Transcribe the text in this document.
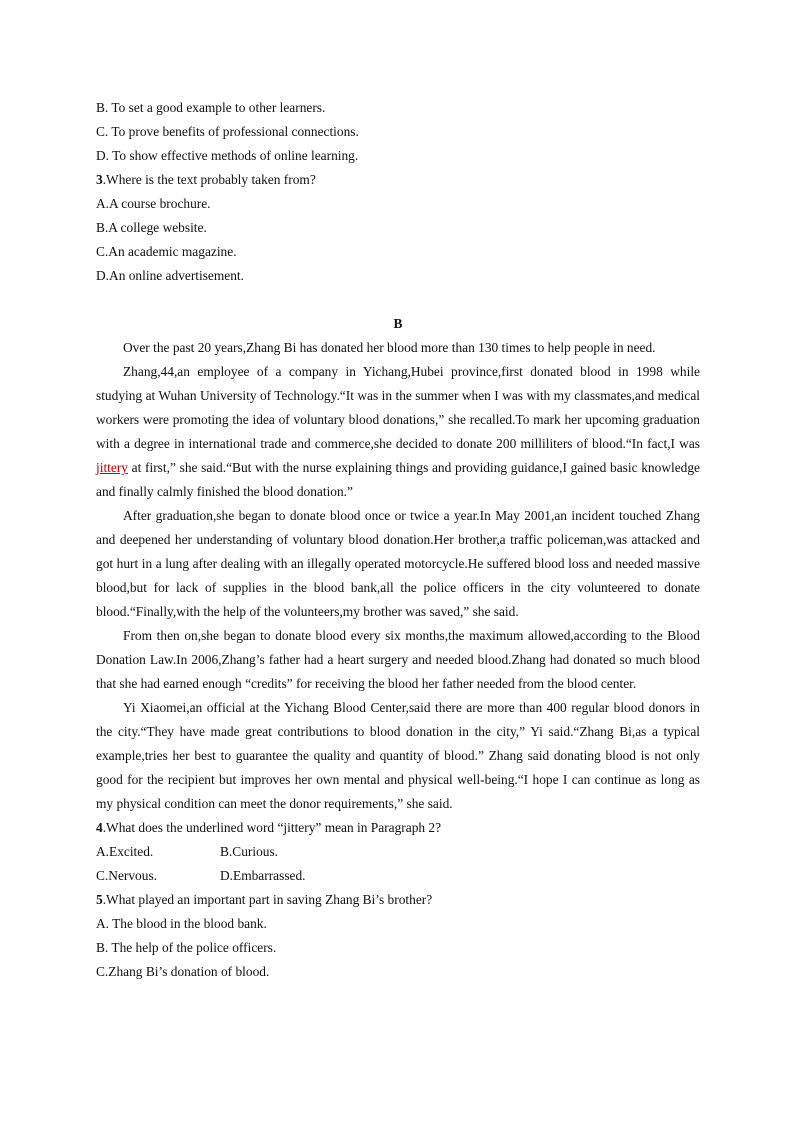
B. To set a good example to other learners.
C. To prove benefits of professional connections.
D. To show effective methods of online learning.
3.Where is the text probably taken from?
A.A course brochure.
B.A college website.
C.An academic magazine.
D.An online advertisement.
B

Over the past 20 years,Zhang Bi has donated her blood more than 130 times to help people in need.

Zhang,44,an employee of a company in Yichang,Hubei province,first donated blood in 1998 while studying at Wuhan University of Technology.“It was in the summer when I was with my classmates,and medical workers were promoting the idea of voluntary blood donations,” she recalled.To mark her upcoming graduation with a degree in international trade and commerce,she decided to donate 200 milliliters of blood.“In fact,I was jittery at first,” she said.“But with the nurse explaining things and providing guidance,I gained basic knowledge and finally calmly finished the blood donation.”

After graduation,she began to donate blood once or twice a year.In May 2001,an incident touched Zhang and deepened her understanding of voluntary blood donation.Her brother,a traffic policeman,was attacked and got hurt in a lung after dealing with an illegally operated motorcycle.He suffered blood loss and needed massive blood,but for lack of supplies in the blood bank,all the police officers in the city volunteered to donate blood.“Finally,with the help of the volunteers,my brother was saved,” she said.

From then on,she began to donate blood every six months,the maximum allowed,according to the Blood Donation Law.In 2006,Zhang’s father had a heart surgery and needed blood.Zhang had donated so much blood that she had earned enough “credits” for receiving the blood her father needed from the blood center.

Yi Xiaomei,an official at the Yichang Blood Center,said there are more than 400 regular blood donors in the city.“They have made great contributions to blood donation in the city,” Yi said.“Zhang Bi,as a typical example,tries her best to guarantee the quality and quantity of blood.” Zhang said donating blood is not only good for the recipient but improves her own mental and physical well-being.“I hope I can continue as long as my physical condition can meet the donor requirements,” she said.

4.What does the underlined word “jittery” mean in Paragraph 2?
A.Excited.	B.Curious.
C.Nervous.	D.Embarrassed.
5.What played an important part in saving Zhang Bi’s brother?
A. The blood in the blood bank.
B. The help of the police officers.
C.Zhang Bi’s donation of blood.
